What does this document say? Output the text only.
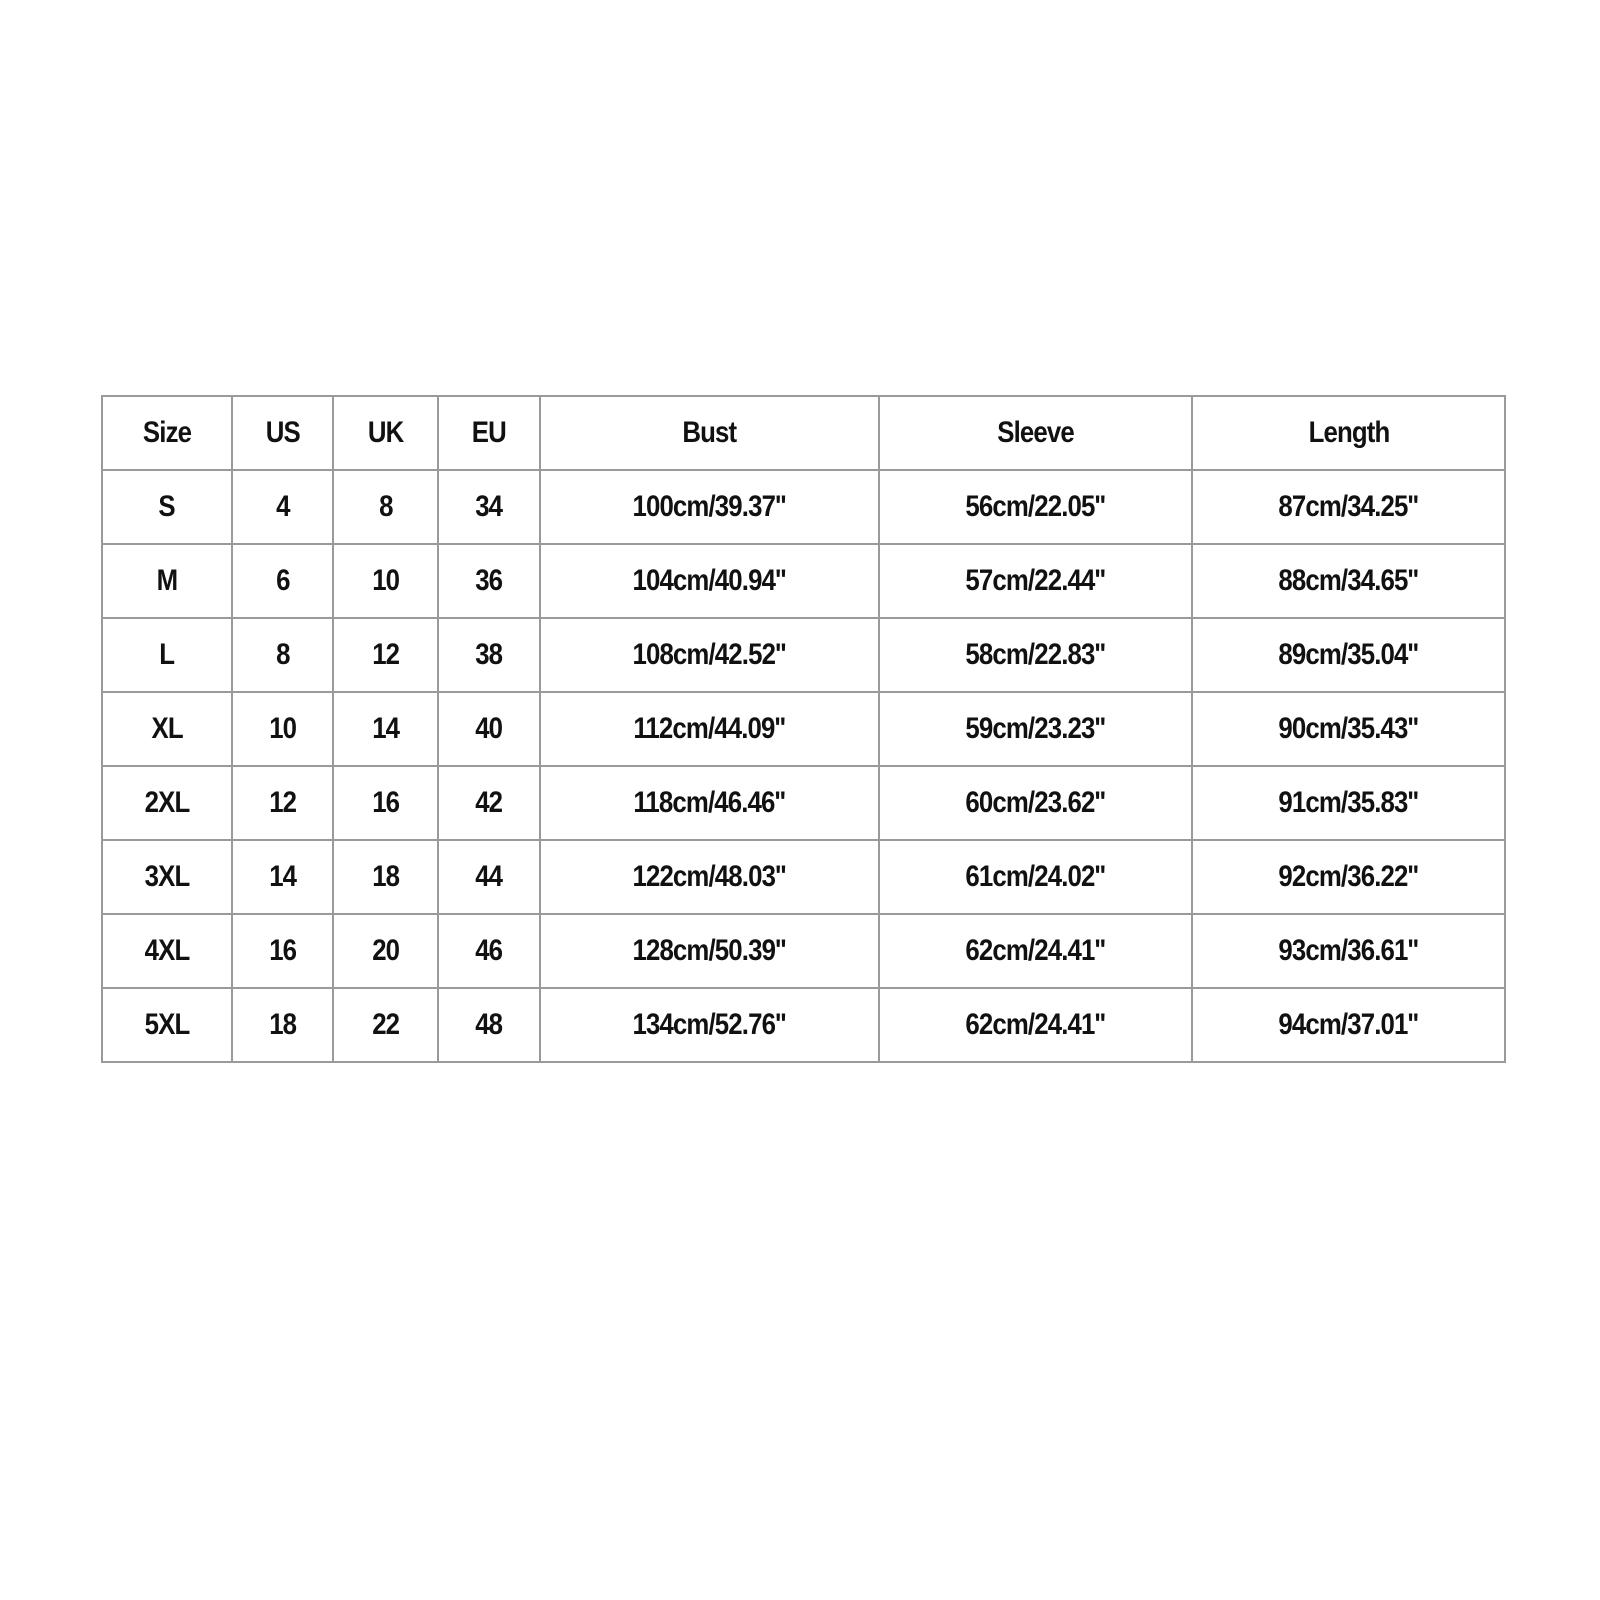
Size	US	UK	EU	Bust	Sleeve	Length
S	4	8	34	100cm/39.37''	56cm/22.05''	87cm/34.25''
M	6	10	36	104cm/40.94''	57cm/22.44''	88cm/34.65''
L	8	12	38	108cm/42.52''	58cm/22.83''	89cm/35.04''
XL	10	14	40	112cm/44.09''	59cm/23.23''	90cm/35.43''
2XL	12	16	42	118cm/46.46''	60cm/23.62''	91cm/35.83''
3XL	14	18	44	122cm/48.03''	61cm/24.02''	92cm/36.22''
4XL	16	20	46	128cm/50.39''	62cm/24.41''	93cm/36.61''
5XL	18	22	48	134cm/52.76''	62cm/24.41''	94cm/37.01''
